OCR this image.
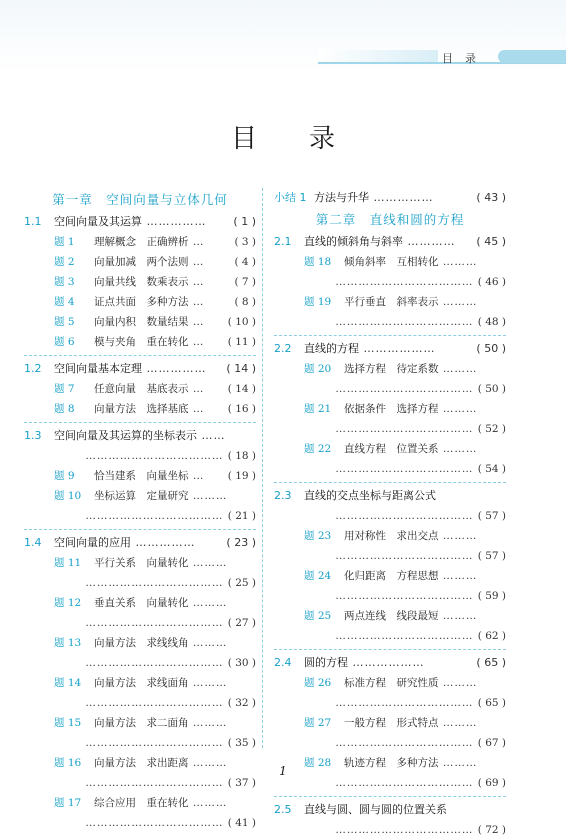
目录
目录
第一章　空间向量与立体几何
1.1 空间向量及其运算 …………… ( 1 )
题 1 理解概念　正确辨析 …	( 3 )
题 2 向量加减　两个法则 …	( 4 )
题 3 向量共线　数乘表示 …	( 7 )
题 4 证点共面　多种方法 …	( 8 )
题 5 向量内积　数量结果 … ( 10 )
题 6 模与夹角　重在转化 … ( 11 )
1.2 空间向量基本定理 …………… ( 14 )
题 7 任意向量　基底表示 … ( 14 )
题 8 向量方法　选择基底 … ( 16 )
1.3 空间向量及其运算的坐标表示 ……
……………………………… ( 18 )
题 9 恰当建系　向量坐标 … ( 19 )
题 10 坐标运算　定量研究 ………
……………………………… ( 21 )
1.4 空间向量的应用 ……………	( 23 )
题 11 平行关系　向量转化 ………
……………………………… ( 25 )
题 12 垂直关系　向量转化 ………
……………………………… ( 27 )
题 13 向量方法　求线线角 ………
……………………………… ( 30 )
题 14 向量方法　求线面角 ………
……………………………… ( 32 )
题 15 向量方法　求二面角 ………
……………………………… ( 35 )
题 16 向量方法　求出距离 ………
……………………………… ( 37 )
题 17 综合应用　重在转化 ………
……………………………… ( 41 )
小结 1 方法与升华 ……………	( 43 )
第二章　直线和圆的方程
2.1 直线的倾斜角与斜率 ………… ( 45 )
题 18 倾角斜率　互相转化 ………
……………………………… ( 46 )
题 19 平行垂直　斜率表示 ………
……………………………… ( 48 )
2.2 直线的方程 ………………	( 50 )
题 20 选择方程　待定系数 ………
……………………………… ( 50 )
题 21 依据条件　选择方程 ………
……………………………… ( 52 )
题 22 直线方程　位置关系 ………
……………………………… ( 54 )
2.3 直线的交点坐标与距离公式
……………………………… ( 57 )
题 23 用对称性　求出交点 ………
……………………………… ( 57 )
题 24 化归距离　方程思想 ………
……………………………… ( 59 )
题 25 两点连线　线段最短 ………
……………………………… ( 62 )
2.4 圆的方程 ………………	( 65 )
题 26 标准方程　研究性质 ………
……………………………… ( 65 )
题 27 一般方程　形式特点 ………
……………………………… ( 67 )
题 28 轨迹方程　多种方法 ………
……………………………… ( 69 )
2.5 直线与圆、圆与圆的位置关系
……………………………… ( 72 )
1
